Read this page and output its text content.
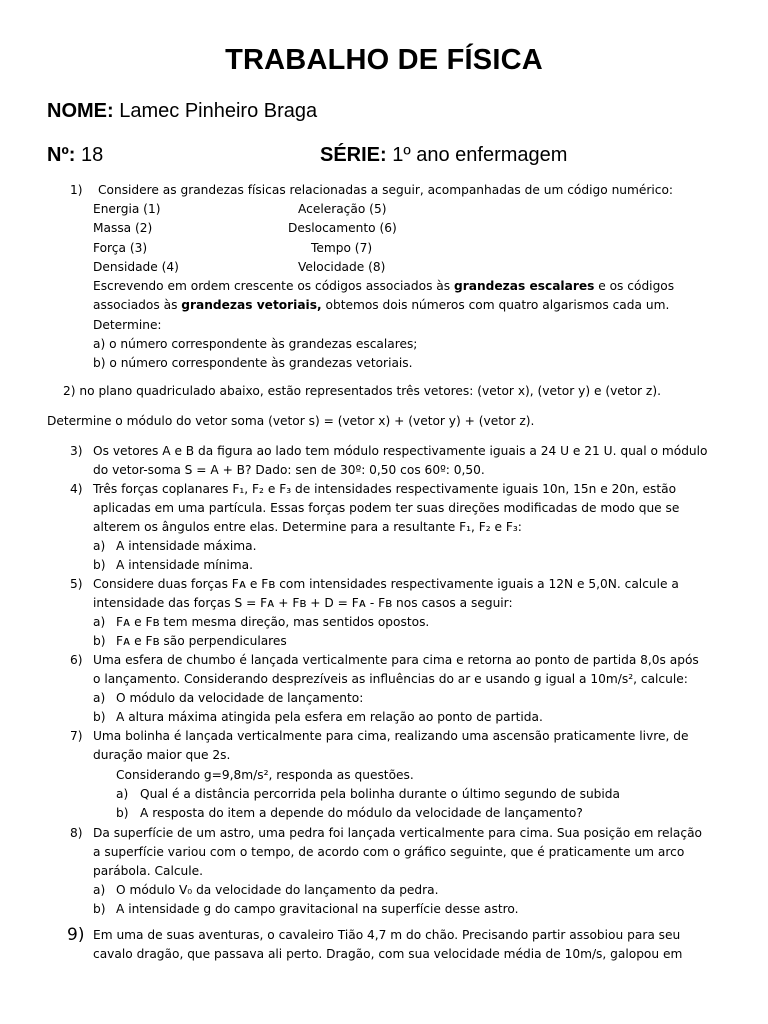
TRABALHO DE FÍSICA
NOME: Lamec Pinheiro Braga
Nº: 18	SÉRIE: 1º ano enfermagem
1) Considere as grandezas físicas relacionadas a seguir, acompanhadas de um código numérico:
Energia (1)	Aceleração (5)
Massa (2)	Deslocamento (6)
Força (3)	Tempo (7)
Densidade (4)	Velocidade (8)
Escrevendo em ordem crescente os códigos associados às grandezas escalares e os códigos
associados às grandezas vetoriais, obtemos dois números com quatro algarismos cada um.
Determine:
a) o número correspondente às grandezas escalares;
b) o número correspondente às grandezas vetoriais.
2) no plano quadriculado abaixo, estão representados três vetores: (vetor x), (vetor y) e (vetor z).
Determine o módulo do vetor soma (vetor s) = (vetor x) + (vetor y) + (vetor z).
3) Os vetores A e B da figura ao lado tem módulo respectivamente iguais a 24 U e 21 U. qual o módulo
do vetor-soma S = A + B? Dado: sen de 30º: 0,50 cos 60º: 0,50.
4) Três forças coplanares F₁, F₂ e F₃ de intensidades respectivamente iguais 10n, 15n e 20n, estão
aplicadas em uma partícula. Essas forças podem ter suas direções modificadas de modo que se
alterem os ângulos entre elas. Determine para a resultante F₁, F₂ e F₃:
a) A intensidade máxima.
b) A intensidade mínima.
5) Considere duas forças Fᴀ e Fʙ com intensidades respectivamente iguais a 12N e 5,0N. calcule a
intensidade das forças S = Fᴀ + Fʙ + D = Fᴀ - Fʙ nos casos a seguir:
a) Fᴀ e Fʙ tem mesma direção, mas sentidos opostos.
b) Fᴀ e Fʙ são perpendiculares
6) Uma esfera de chumbo é lançada verticalmente para cima e retorna ao ponto de partida 8,0s após
o lançamento. Considerando desprezíveis as influências do ar e usando g igual a 10m/s², calcule:
a) O módulo da velocidade de lançamento:
b) A altura máxima atingida pela esfera em relação ao ponto de partida.
7) Uma bolinha é lançada verticalmente para cima, realizando uma ascensão praticamente livre, de
duração maior que 2s.
Considerando g=9,8m/s², responda as questões.
a) Qual é a distância percorrida pela bolinha durante o último segundo de subida
b) A resposta do item a depende do módulo da velocidade de lançamento?
8) Da superfície de um astro, uma pedra foi lançada verticalmente para cima. Sua posição em relação
a superfície variou com o tempo, de acordo com o gráfico seguinte, que é praticamente um arco
parábola. Calcule.
a) O módulo V₀ da velocidade do lançamento da pedra.
b) A intensidade g do campo gravitacional na superfície desse astro.
9) Em uma de suas aventuras, o cavaleiro Tião 4,7 m do chão. Precisando partir assobiou para seu
cavalo dragão, que passava ali perto. Dragão, com sua velocidade média de 10m/s, galopou em
